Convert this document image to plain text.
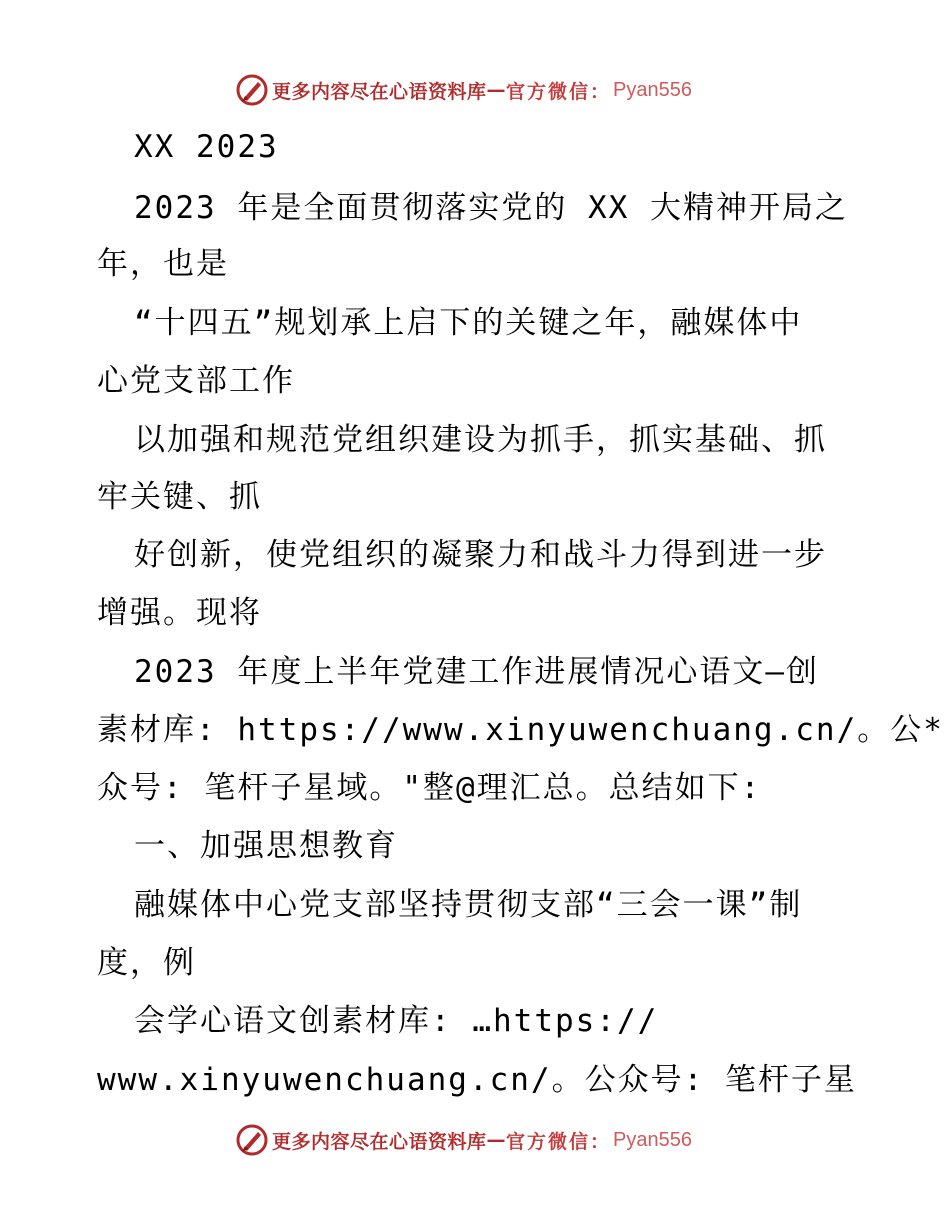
更多内容尽在心语资料库 — 官方微信： Pyan556
XX 2023
2023 年是全面贯彻落实党的 XX 大精神开局之
年，也是
“十四五”规划承上启下的关键之年，融媒体中
心党支部工作
以加强和规范党组织建设为抓手，抓实基础、抓
牢关键、抓
好创新，使党组织的凝聚力和战斗力得到进一步
增强。现将
2023 年度上半年党建工作进展情况心语文—创
素材库: https://www.xinyuwenchuang.cn/。公*
众号: 笔杆子星域。"整@理汇总。总结如下:
一、加强思想教育
融媒体中心党支部坚持贯彻支部“三会一课”制
度，例
会学心语文创素材库: …https://
www.xinyuwenchuang.cn/。公众号: 笔杆子星
更多内容尽在心语资料库 — 官方微信： Pyan556
